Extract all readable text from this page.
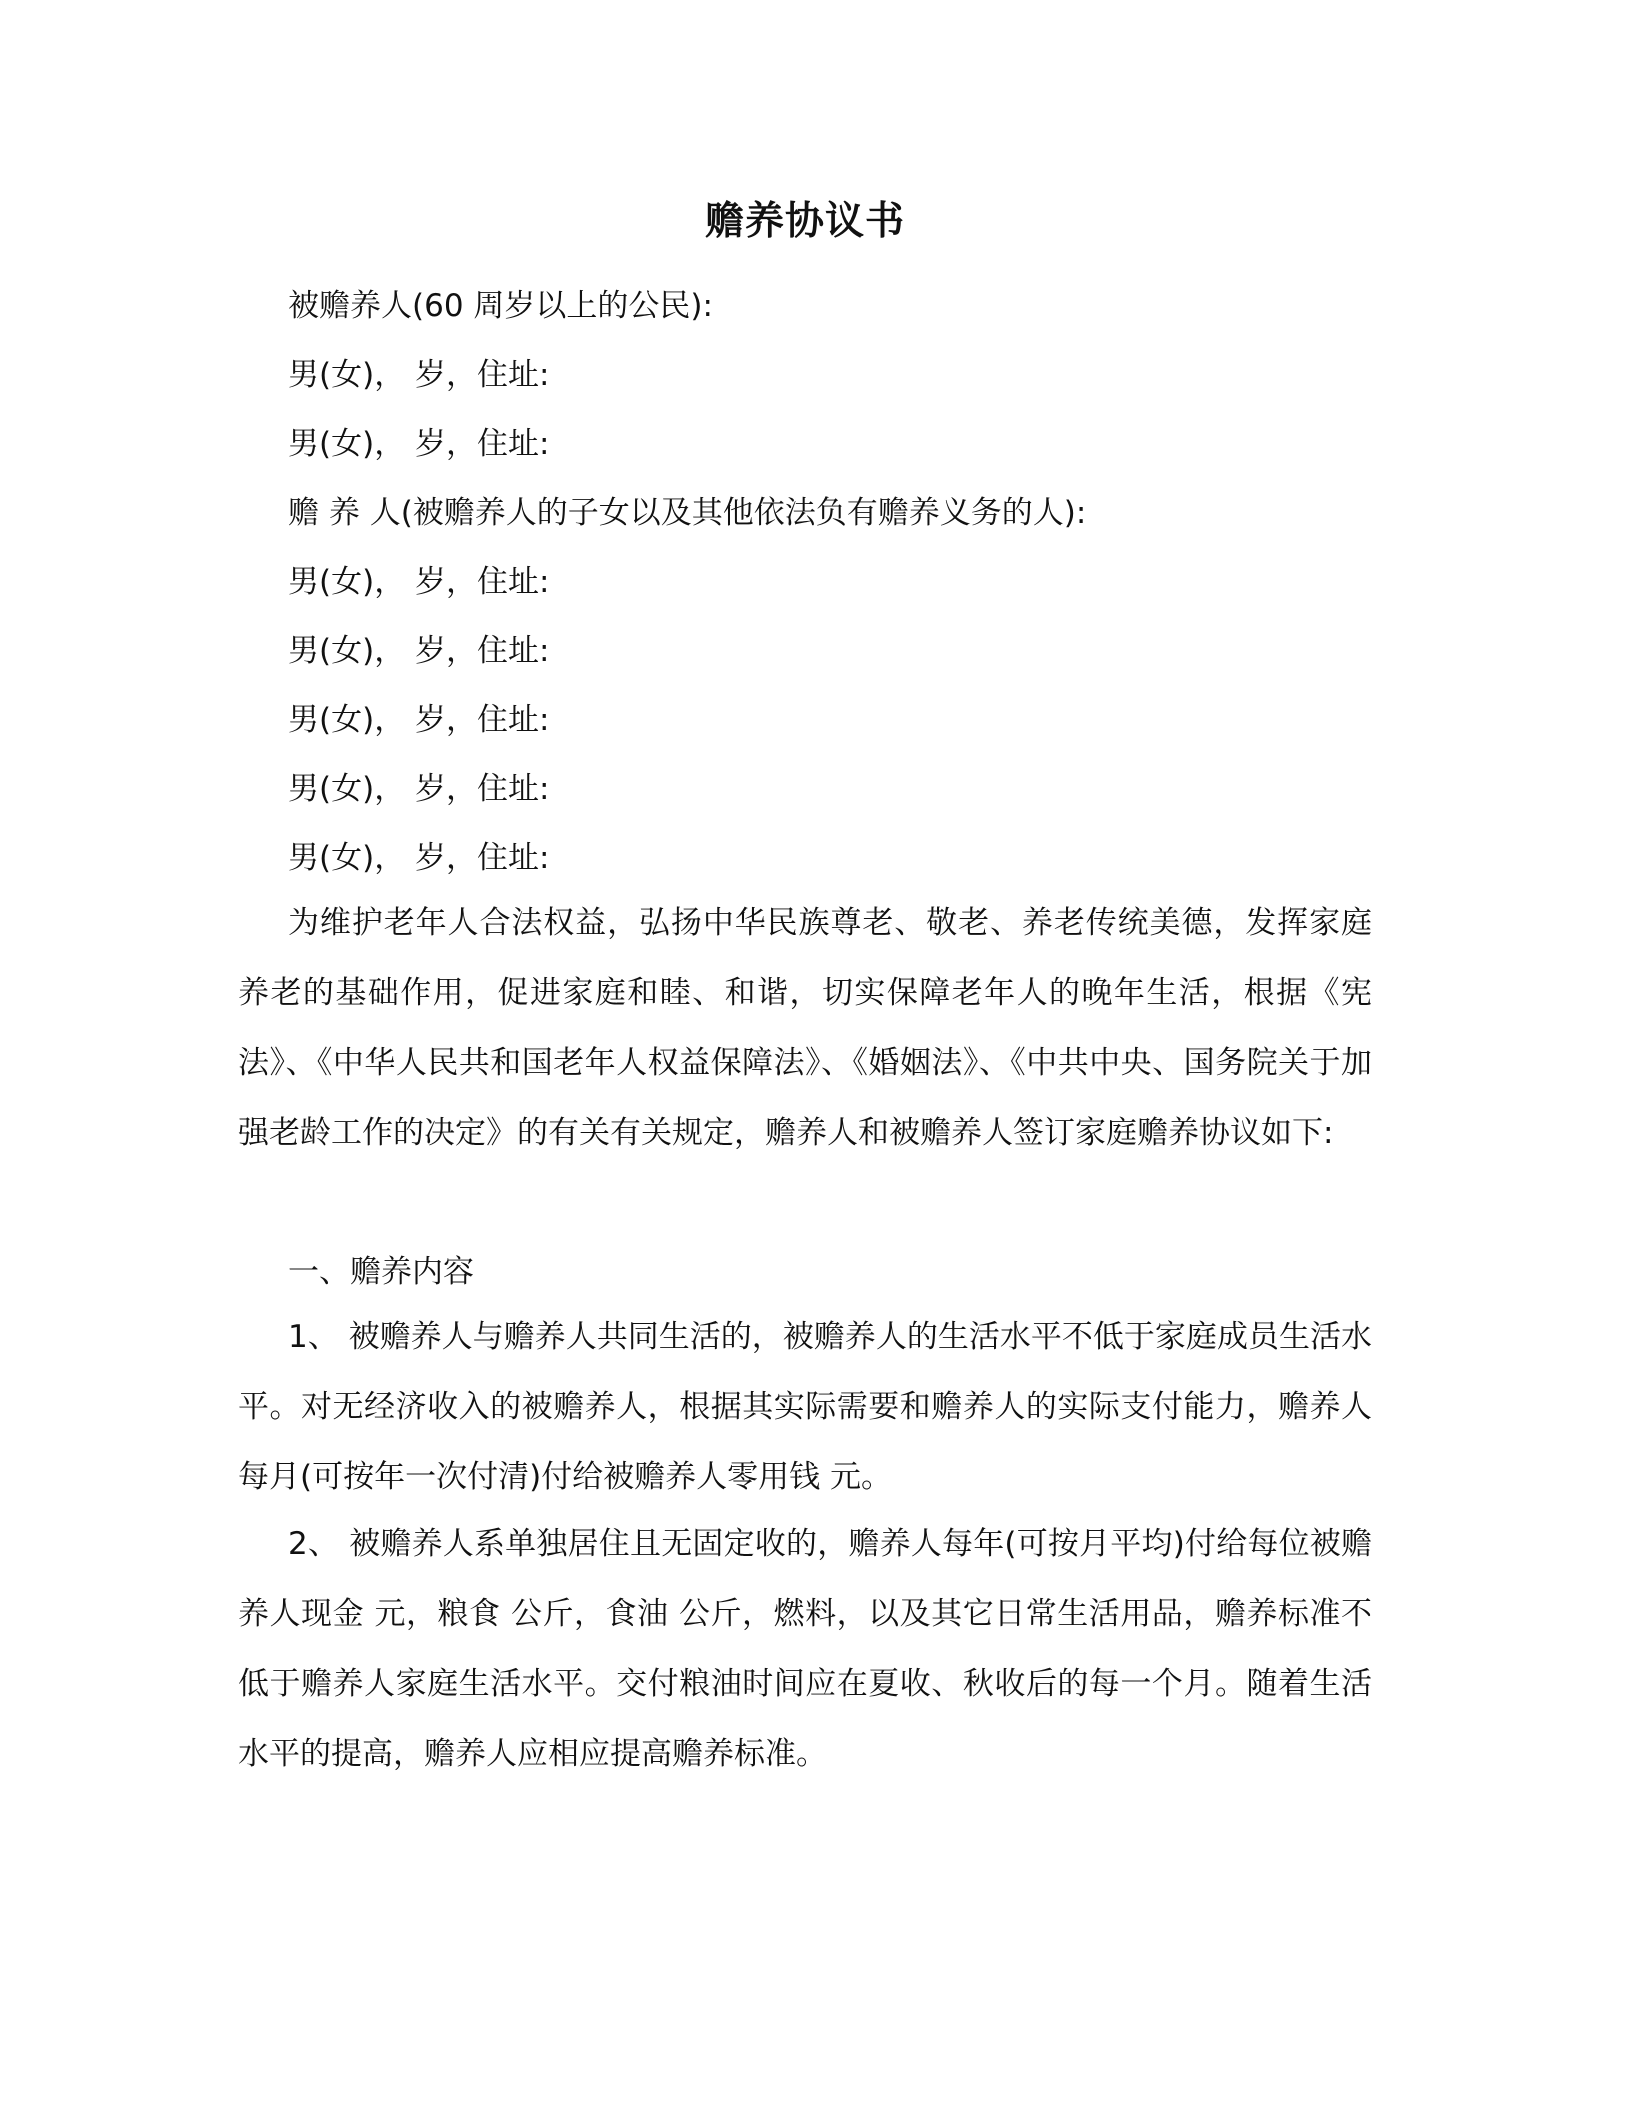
赡养协议书

被赡养人(60 周岁以上的公民):

男(女)， 岁，住址:

男(女)， 岁，住址:

赡 养 人(被赡养人的子女以及其他依法负有赡养义务的人):

男(女)， 岁，住址:

男(女)， 岁，住址:

男(女)， 岁，住址:

男(女)， 岁，住址:

男(女)， 岁，住址:

为维护老年人合法权益，弘扬中华民族尊老、敬老、养老传统美德，发挥家庭养老的基础作用，促进家庭和睦、和谐，切实保障老年人的晚年生活，根据《宪法》、《中华人民共和国老年人权益保障法》、《婚姻法》、《中共中央、国务院关于加强老龄工作的决定》的有关有关规定，赡养人和被赡养人签订家庭赡养协议如下:

一、赡养内容

1、 被赡养人与赡养人共同生活的，被赡养人的生活水平不低于家庭成员生活水平。对无经济收入的被赡养人，根据其实际需要和赡养人的实际支付能力，赡养人每月(可按年一次付清)付给被赡养人零用钱 元。

2、 被赡养人系单独居住且无固定收的，赡养人每年(可按月平均)付给每位被赡养人现金 元，粮食 公斤，食油 公斤，燃料，以及其它日常生活用品，赡养标准不低于赡养人家庭生活水平。交付粮油时间应在夏收、秋收后的每一个月。随着生活水平的提高，赡养人应相应提高赡养标准。
